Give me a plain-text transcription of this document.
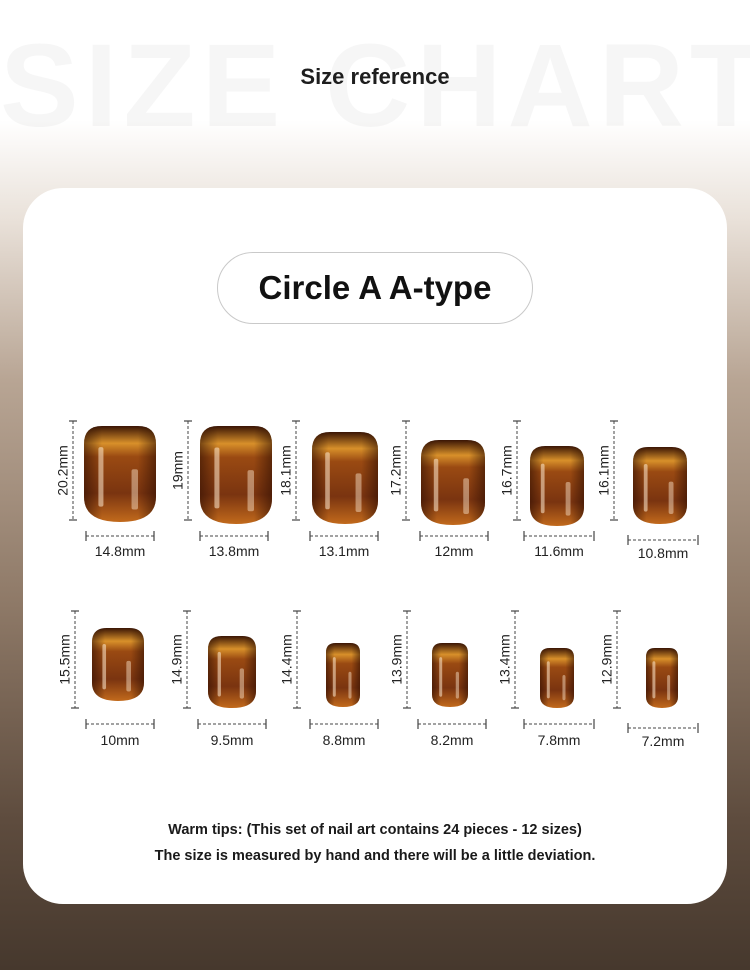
Size reference
Circle A A-type
20.2mm
14.8mm
19mm
13.8mm
18.1mm
13.1mm
17.2mm
12mm
16.7mm
11.6mm
16.1mm
10.8mm
15.5mm
10mm
14.9mm
9.5mm
14.4mm
8.8mm
13.9mm
8.2mm
13.4mm
7.8mm
12.9mm
7.2mm
Warm tips: (This set of nail art contains 24 pieces - 12 sizes)
The size is measured by hand and there will be a little deviation.
